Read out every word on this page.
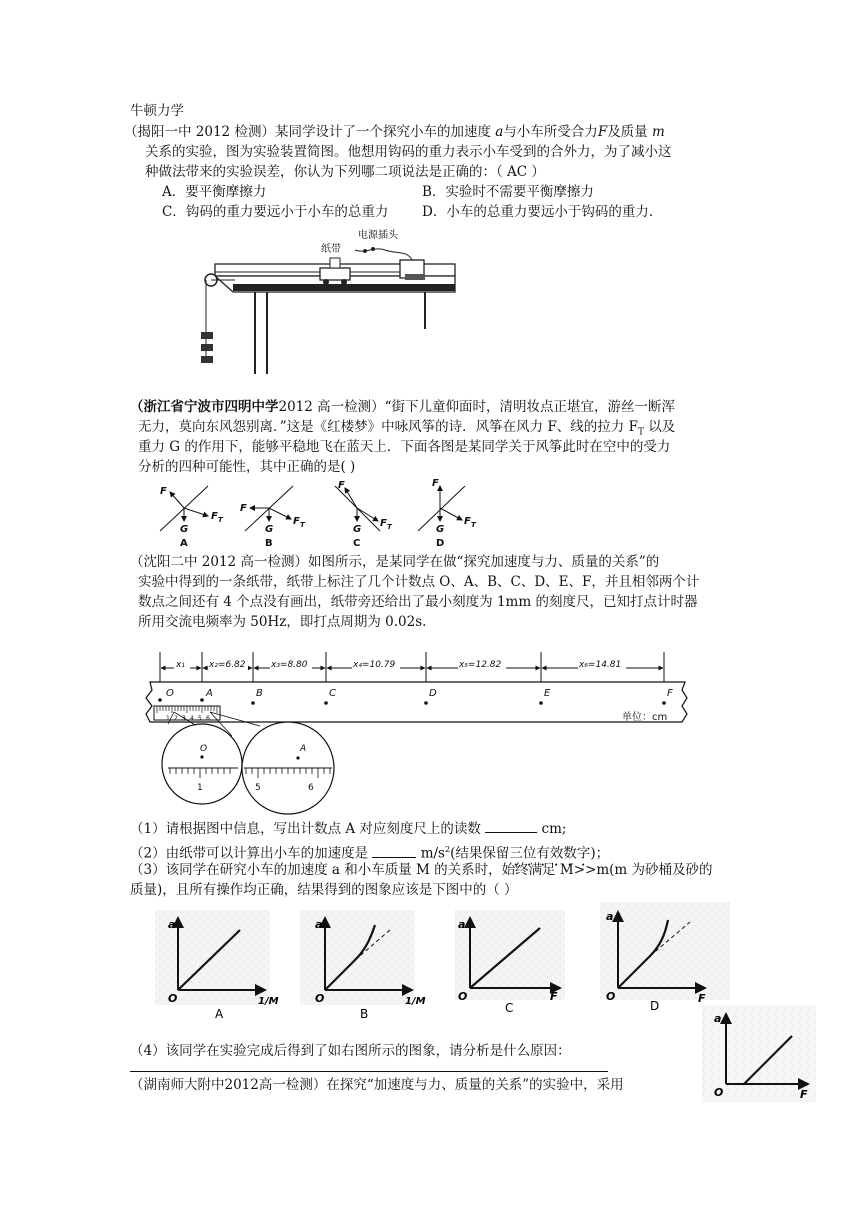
牛顿力学
（揭阳一中 2012 检测）某同学设计了一个探究小车的加速度 a与小车所受合力F及质量 m
关系的实验，图为实验装置简图。他想用钩码的重力表示小车受到的合外力，为了减小这
种做法带来的实验误差，你认为下列哪二项说法是正确的：（ AC ）
A．要平衡摩擦力	B．实验时不需要平衡摩擦力
C．钩码的重力要远小于小车的总重力 D．小车的总重力要远小于钩码的重力．
纸带
电源插头
（浙江省宁波市四明中学2012 高一检测）“街下儿童仰面时，清明妆点正堪宜，游丝一断浑
无力，莫向东风怨别离．”这是《红楼梦》中咏风筝的诗．风筝在风力 F、线的拉力 $F_T$ 以及
重力 G 的作用下，能够平稳地飞在蓝天上．下面各图是某同学关于风筝此时在空中的受力
分析的四种可能性，其中正确的是( )
F
G
F T
A
F
G
F T
B
F
G
F T
C
F
G
F T
D
（沈阳二中 2012 高一检测）如图所示，是某同学在做“探究加速度与力、质量的关系”的
实验中得到的一条纸带，纸带上标注了几个计数点 O、A、B、C、D、E、F，并且相邻两个计
数点之间还有 4 个点没有画出，纸带旁还给出了最小刻度为 1mm 的刻度尺，已知打点计时器
所用交流电频率为 50Hz，即打点周期为 0.02s.
x₁	x₂=6.82	x₃=8.80	x₄=10.79	x₅=12.82	x₆=14.81
O	A	B	C	D	E	F
单位：cm
1 2 3 4 5 6
O
1
A
5	6
（1）请根据图中信息，写出计数点 A 对应刻度尺上的读数	cm;
（2）由纸带可以计算出小车的加速度是	$m/s^2$(结果保留三位有效数字)；
（3）该同学在研究小车的加速度 a 和小车质量 M 的关系时，始终满足 M>>m(m 为砂桶及砂的
质量)，且所有操作均正确，结果得到的图象应该是下图中的（ ）
a
O	1/M
A
a
O	1/M
B
a
O	F
C
a
O	F
D
（4）该同学在实验完成后得到了如右图所示的图象，请分析是什么原因：
a
O	F
（湖南师大附中2012高一检测）在探究“加速度与力、质量的关系”的实验中，采用
